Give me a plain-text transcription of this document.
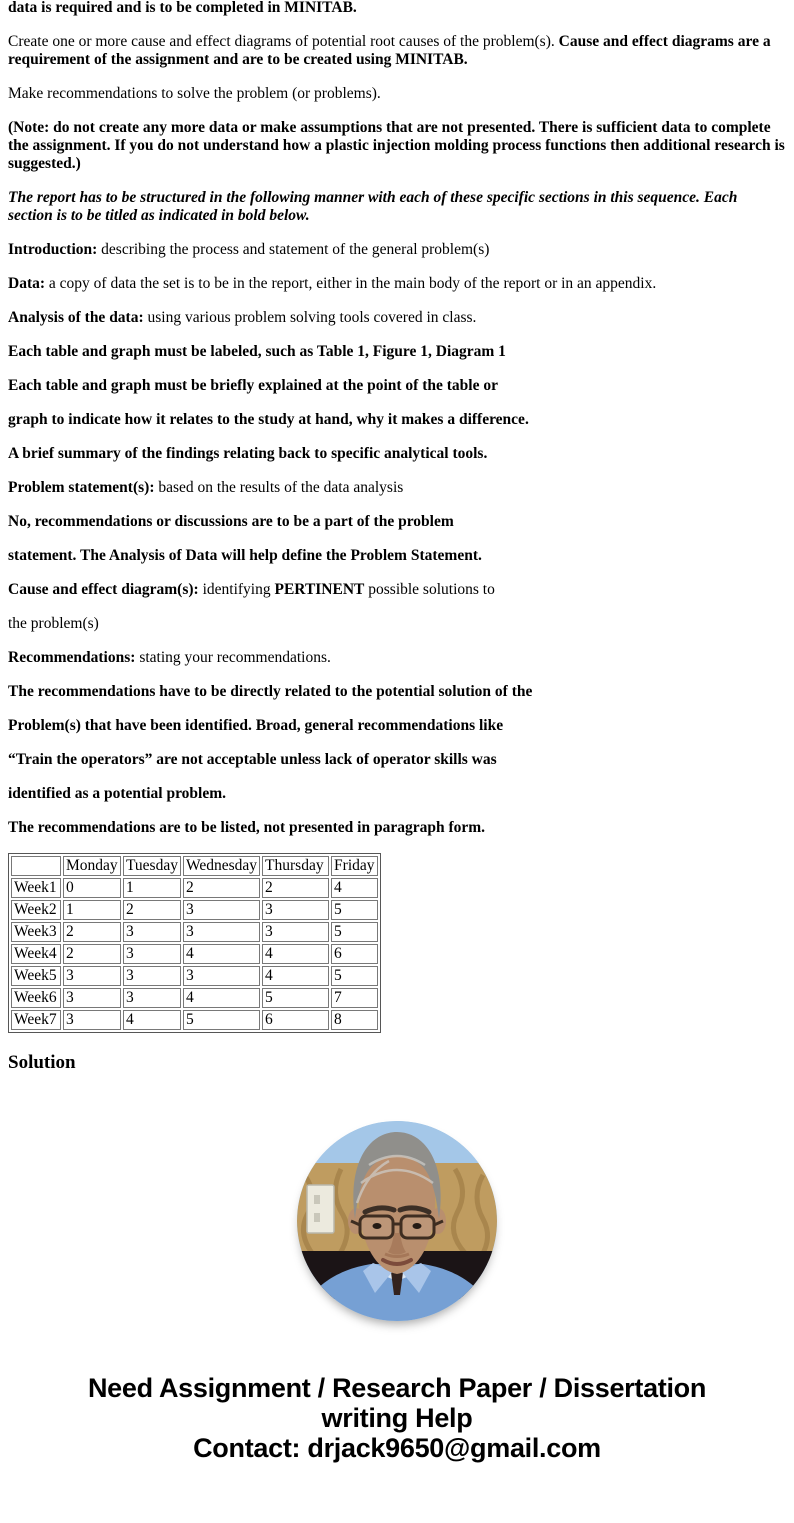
data is required and is to be completed in MINITAB.

Create one or more cause and effect diagrams of potential root causes of the problem(s). Cause and effect diagrams are a requirement of the assignment and are to be created using MINITAB.

Make recommendations to solve the problem (or problems).

(Note: do not create any more data or make assumptions that are not presented. There is sufficient data to complete the assignment. If you do not understand how a plastic injection molding process functions then additional research is suggested.)

The report has to be structured in the following manner with each of these specific sections in this sequence. Each section is to be titled as indicated in bold below.

Introduction: describing the process and statement of the general problem(s)

Data: a copy of data the set is to be in the report, either in the main body of the report or in an appendix.

Analysis of the data: using various problem solving tools covered in class.

Each table and graph must be labeled, such as Table 1, Figure 1, Diagram 1

Each table and graph must be briefly explained at the point of the table or

graph to indicate how it relates to the study at hand, why it makes a difference.

A brief summary of the findings relating back to specific analytical tools.

Problem statement(s): based on the results of the data analysis

No, recommendations or discussions are to be a part of the problem

statement. The Analysis of Data will help define the Problem Statement.

Cause and effect diagram(s): identifying PERTINENT possible solutions to

the problem(s)

Recommendations: stating your recommendations.

The recommendations have to be directly related to the potential solution of the

Problem(s) that have been identified. Broad, general recommendations like

“Train the operators” are not acceptable unless lack of operator skills was

identified as a potential problem.

The recommendations are to be listed, not presented in paragraph form.

	Monday	Tuesday	Wednesday	Thursday	Friday
Week1	0	1	2	2	4
Week2	1	2	3	3	5
Week3	2	3	3	3	5
Week4	2	3	4	4	6
Week5	3	3	3	4	5
Week6	3	3	4	5	7
Week7	3	4	5	6	8
Solution
Need Assignment / Research Paper / Dissertation
writing Help
Contact: drjack9650@gmail.com
